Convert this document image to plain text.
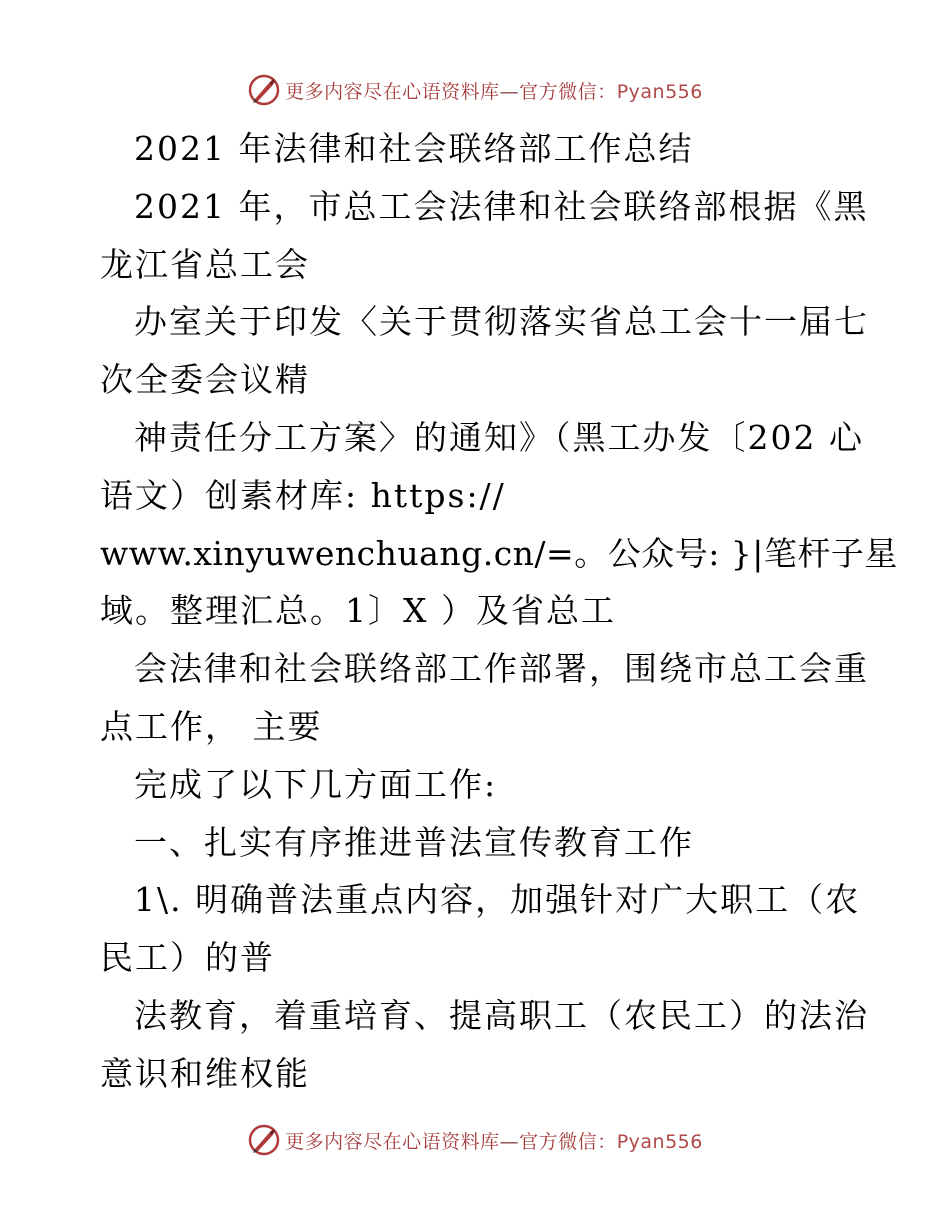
更多内容尽在心语资料库—官方微信：Pyan556
2021 年法律和社会联络部工作总结
2021 年，市总工会法律和社会联络部根据《黑
龙江省总工会
办室关于印发〈关于贯彻落实省总工会十一届七
次全委会议精
神责任分工方案〉的通知》（黑工办发〔202 心
语文）创素材库: https://
www.xinyuwenchuang.cn/=。公众号: }|笔杆子星
域。整理汇总。1〕X ）及省总工
会法律和社会联络部工作部署，围绕市总工会重
点工作， 主要
完成了以下几方面工作:
一、扎实有序推进普法宣传教育工作
1\. 明确普法重点内容，加强针对广大职工（农
民工）的普
法教育，着重培育、提高职工（农民工）的法治
意识和维权能
更多内容尽在心语资料库—官方微信：Pyan556
